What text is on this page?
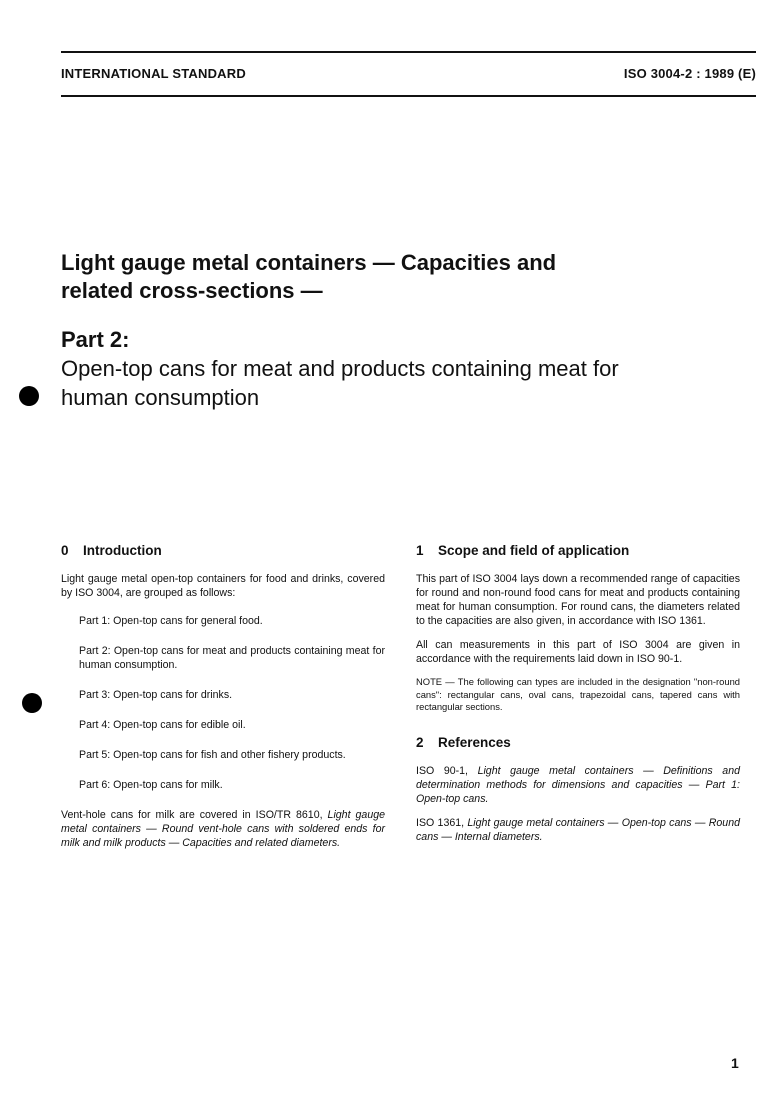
INTERNATIONAL STANDARD	ISO 3004-2 : 1989 (E)
Light gauge metal containers — Capacities and
related cross-sections —
Part 2:
Open-top cans for meat and products containing meat for
human consumption
0 Introduction

Light gauge metal open-top containers for food and drinks, covered by ISO 3004, are grouped as follows:

Part 1: Open-top cans for general food.

Part 2: Open-top cans for meat and products containing meat for human consumption.

Part 3: Open-top cans for drinks.

Part 4: Open-top cans for edible oil.

Part 5: Open-top cans for fish and other fishery products.

Part 6: Open-top cans for milk.

Vent-hole cans for milk are covered in ISO/TR 8610, Light gauge metal containers — Round vent-hole cans with soldered ends for milk and milk products — Capacities and related diameters.

1 Scope and field of application

This part of ISO 3004 lays down a recommended range of capacities for round and non-round food cans for meat and products containing meat for human consumption. For round cans, the diameters related to the capacities are also given, in accordance with ISO 1361.

All can measurements in this part of ISO 3004 are given in accordance with the requirements laid down in ISO 90-1.

NOTE — The following can types are included in the designation "non-round cans": rectangular cans, oval cans, trapezoidal cans, tapered cans with rectangular sections.

2 References

ISO 90-1, Light gauge metal containers — Definitions and determination methods for dimensions and capacities — Part 1: Open-top cans.

ISO 1361, Light gauge metal containers — Open-top cans — Round cans — Internal diameters.

1
